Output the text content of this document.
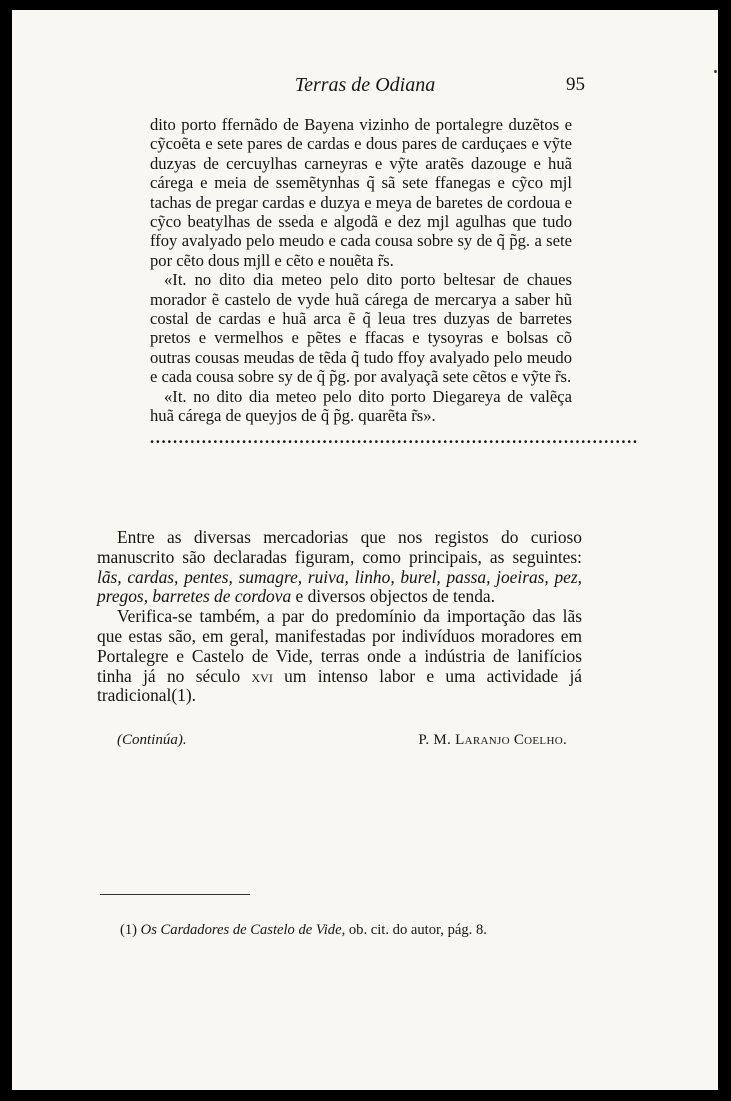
Terras de Odiana	95

dito porto ffernãdo de Bayena vizinho de portalegre duzẽtos e cỹcoẽta e sete pares de cardas e dous pares de carduçaes e vỹte duzyas de cercuylhas carneyras e vỹte aratẽs dazouge e huã cárega e meia de ssemẽtynhas q̃ sã sete ffanegas e cỹco mjl tachas de pregar cardas e duzya e meya de baretes de cordoua e cỹco beatylhas de sseda e algodã e dez mjl agulhas que tudo ffoy avalyado pelo meudo e cada cousa sobre sy de q̃ p̃g. a sete por cẽto dous mjll e cẽto e nouẽta r̃s.

«It. no dito dia meteo pelo dito porto beltesar de chaues morador ẽ castelo de vyde huã cárega de mercarya a saber hũ costal de cardas e huã arca ẽ q̃ leua tres duzyas de barretes pretos e vermelhos e pẽtes e ffacas e tysoyras e bolsas cõ outras cousas meudas de tẽda q̃ tudo ffoy avalyado pelo meudo e cada cousa sobre sy de q̃ p̃g. por avalyaçã sete cẽtos e vỹte r̃s.

«It. no dito dia meteo pelo dito porto Diegareya de valẽça huã cárega de queyjos de q̃ p̃g. quarẽta r̃s».

.....................................................................................

Entre as diversas mercadorias que nos registos do curioso manuscrito são declaradas figuram, como principais, as seguintes: lãs, cardas, pentes, sumagre, ruiva, linho, burel, passa, joeiras, pez, pregos, barretes de cordova e diversos objectos de tenda.

Verifica-se também, a par do predomínio da importação das lãs que estas são, em geral, manifestadas por indivíduos moradores em Portalegre e Castelo de Vide, terras onde a indústria de lanifícios tinha já no século xvi um intenso labor e uma actividade já tradicional(1).

(Continúa).	P. M. Laranjo Coelho.
(1) Os Cardadores de Castelo de Vide, ob. cit. do autor, pág. 8.
